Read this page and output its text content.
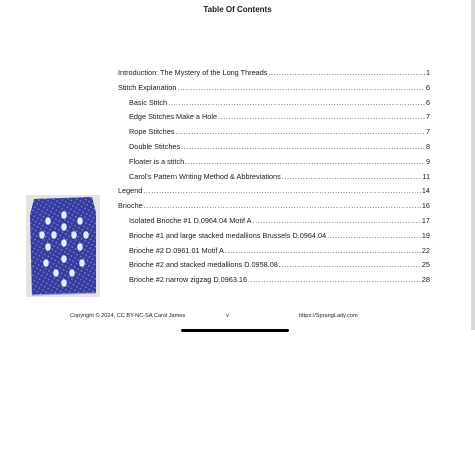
Table Of Contents
Introduction: The Mystery of the Long Threads .....	1
Stitch Explanation .....	6
Basic Stitch .....	6
Edge Stitches Make a Hole .....	7
Rope Stitches .....	7
Double Stitches .....	8
Floater is a stitch .....	9
Carol's Pattern Writing Method & Abbreviations .....	11
Legend .....	14
Brioche .....	16
Isolated Brioche #1 D.0964.04 Motif A .....	17
Brioche #1 and large stacked medallions Brussels D.0964.04 .....	19
Brioche #2 D.0961.01 Motif A .....	22
Brioche #2 and stacked medallions D.0958.08 .....	25
Brioche #2 narrow zigzag D.0963.16 .....	28
Copyright © 2024, CC BY-NC-SA Carol James	v	https://SprangLady.com
